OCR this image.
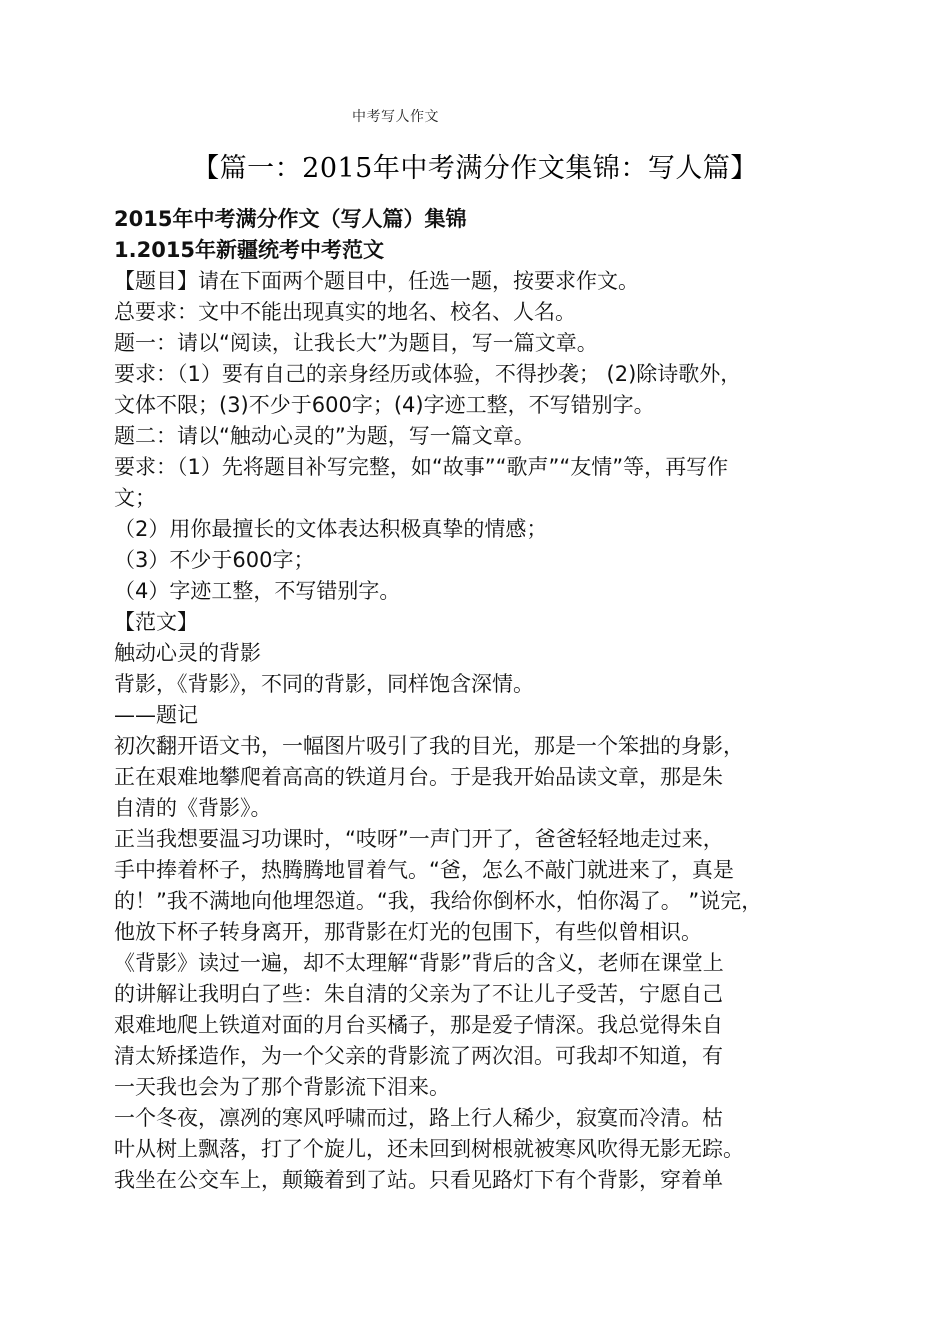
中考写人作文
【篇一：2015年中考满分作文集锦：写人篇】
2015年中考满分作文（写人篇）集锦
1.2015年新疆统考中考范文
【题目】请在下面两个题目中，任选一题，按要求作文。
总要求：文中不能出现真实的地名、校名、人名。
题一：请以“阅读，让我长大”为题目，写一篇文章。
要求：（1）要有自己的亲身经历或体验，不得抄袭； (2)除诗歌外，
文体不限；(3)不少于600字；(4)字迹工整，不写错别字。
题二：请以“触动心灵的”为题，写一篇文章。
要求：（1）先将题目补写完整，如“故事”“歌声”“友情”等，再写作
文；
（2）用你最擅长的文体表达积极真挚的情感；
（3）不少于600字；
（4）字迹工整，不写错别字。
【范文】
触动心灵的背影
背影，《背影》，不同的背影，同样饱含深情。
——题记
初次翻开语文书，一幅图片吸引了我的目光，那是一个笨拙的身影，
正在艰难地攀爬着高高的铁道月台。于是我开始品读文章，那是朱
自清的《背影》。
正当我想要温习功课时，“吱呀”一声门开了，爸爸轻轻地走过来，
手中捧着杯子，热腾腾地冒着气。“爸，怎么不敲门就进来了，真是
的！”我不满地向他埋怨道。“我，我给你倒杯水，怕你渴了。 ”说完，
他放下杯子转身离开，那背影在灯光的包围下，有些似曾相识。
《背影》读过一遍，却不太理解“背影”背后的含义，老师在课堂上
的讲解让我明白了些：朱自清的父亲为了不让儿子受苦，宁愿自己
艰难地爬上铁道对面的月台买橘子，那是爱子情深。我总觉得朱自
清太矫揉造作，为一个父亲的背影流了两次泪。可我却不知道，有
一天我也会为了那个背影流下泪来。
一个冬夜，凛冽的寒风呼啸而过，路上行人稀少，寂寞而冷清。枯
叶从树上飘落，打了个旋儿，还未回到树根就被寒风吹得无影无踪。
我坐在公交车上，颠簸着到了站。只看见路灯下有个背影，穿着单
